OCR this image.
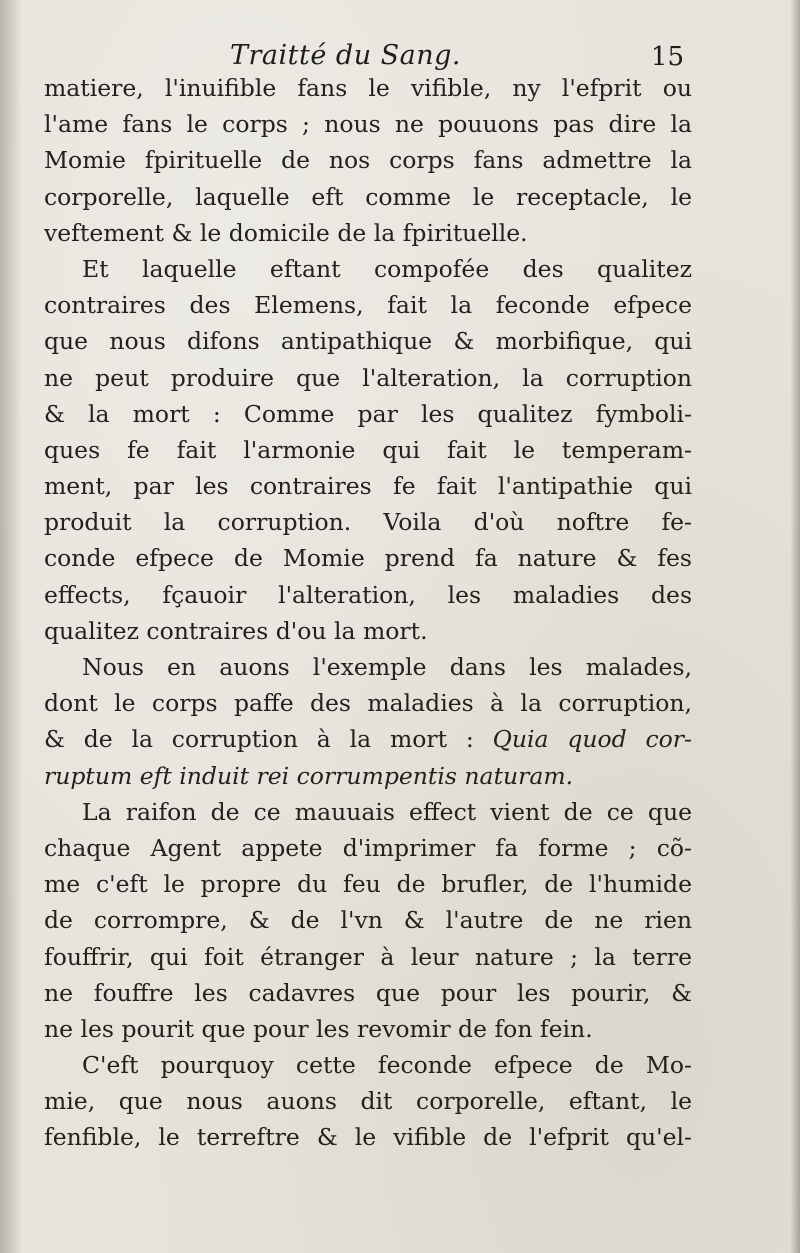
Traitté du Sang.	15
matiere, l'inuifible fans le vifible, ny l'efprit ou
l'ame fans le corps ; nous ne pouuons pas dire la
Momie fpirituelle de nos corps fans admettre la
corporelle, laquelle eft comme le receptacle, le
veftement & le domicile de la fpirituelle.
Et laquelle eftant compofée des qualitez
contraires des Elemens, fait la feconde efpece
que nous difons antipathique & morbifique, qui
ne peut produire que l'alteration, la corruption
& la mort : Comme par les qualitez fymboli-
ques fe fait l'armonie qui fait le temperam-
ment, par les contraires fe fait l'antipathie qui
produit la corruption. Voila d'où noftre fe-
conde efpece de Momie prend fa nature & fes
effects, fçauoir l'alteration, les maladies des
qualitez contraires d'ou la mort.
Nous en auons l'exemple dans les malades,
dont le corps paffe des maladies à la corruption,
& de la corruption à la mort : Quia quod cor-
ruptum eft induit rei corrumpentis naturam.
La raifon de ce mauuais effect vient de ce que
chaque Agent appete d'imprimer fa forme ; cõ-
me c'eft le propre du feu de brufler, de l'humide
de corrompre, & de l'vn & l'autre de ne rien
fouffrir, qui foit étranger à leur nature ; la terre
ne fouffre les cadavres que pour les pourir, &
ne les pourit que pour les revomir de fon fein.
C'eft pourquoy cette feconde efpece de Mo-
mie, que nous auons dit corporelle, eftant, le
fenfible, le terreftre & le vifible de l'efprit qu'el-
